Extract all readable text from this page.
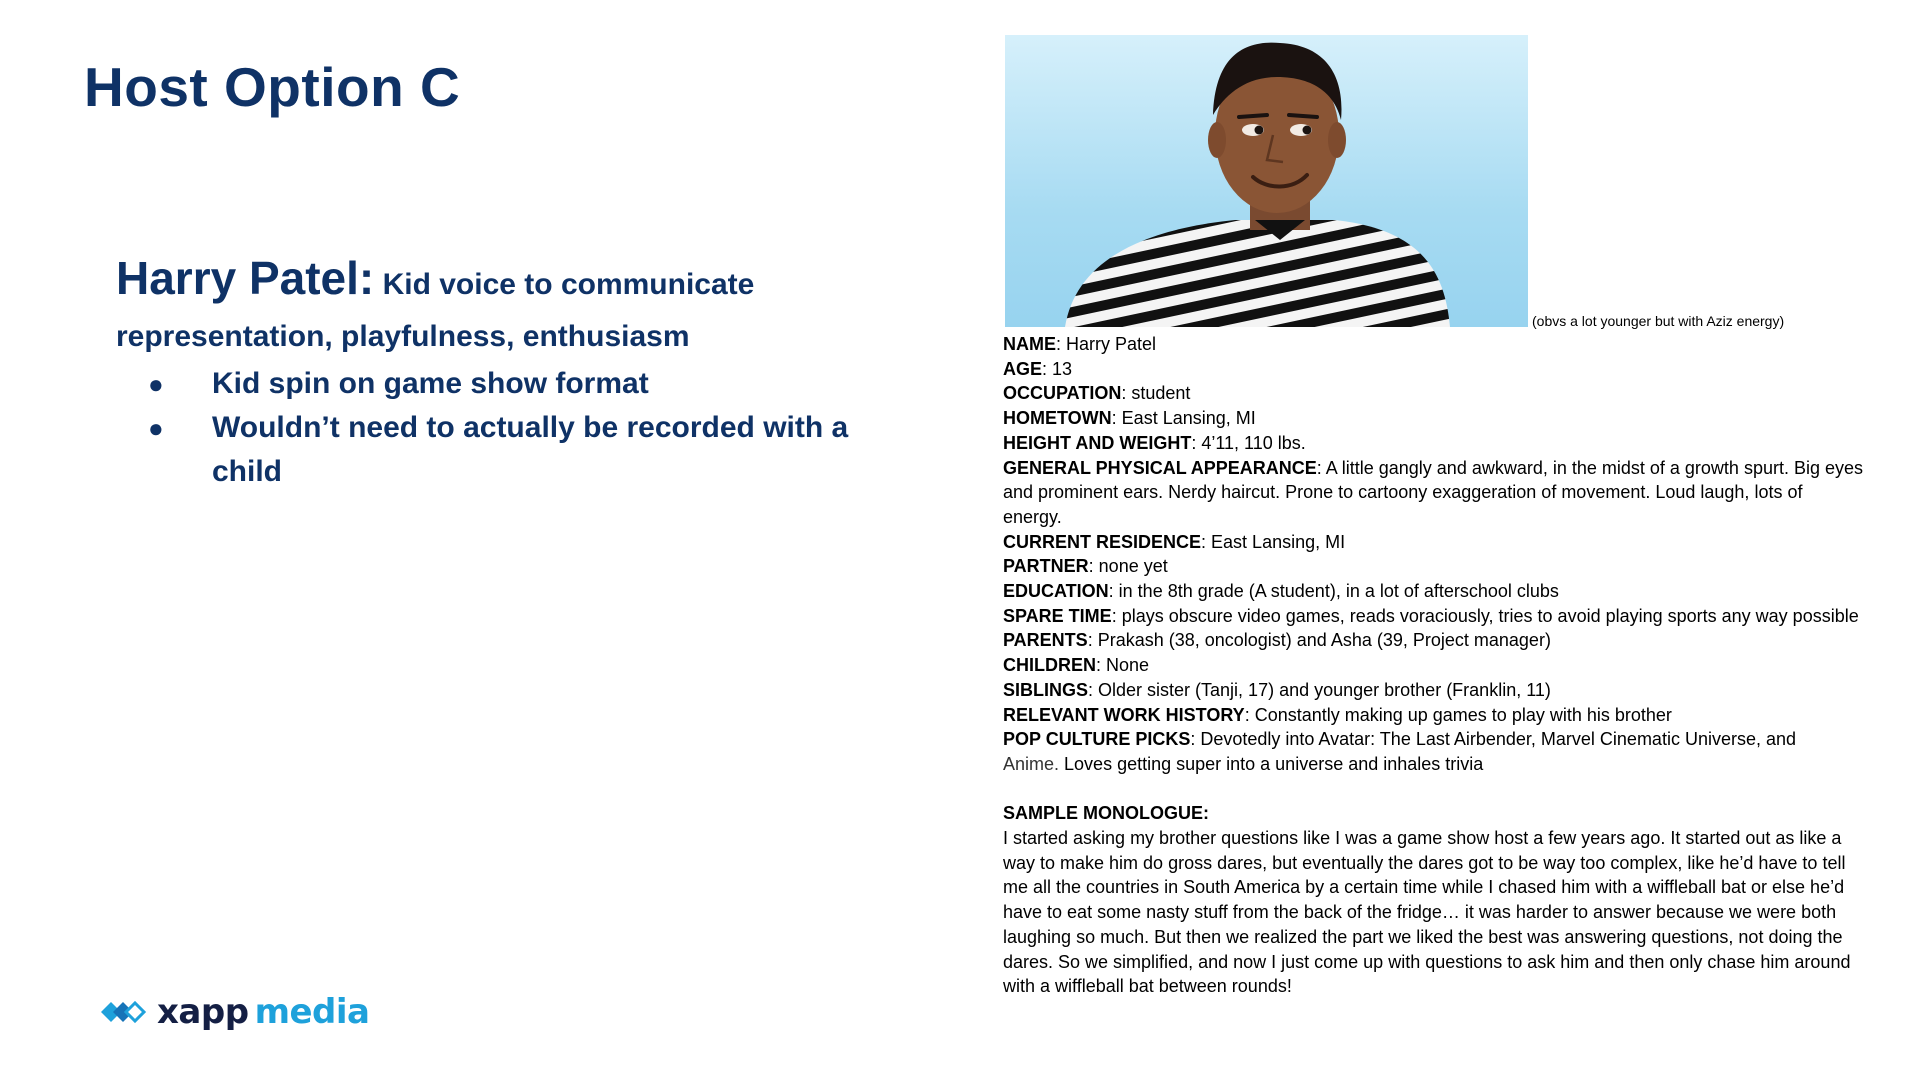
Host Option C
Harry Patel: Kid voice to communicate
representation, playfulness, enthusiasm
● Kid spin on game show format
● Wouldn’t need to actually be recorded with a child
xapp media
(obvs a lot younger but with Aziz energy)

NAME: Harry Patel

AGE: 13

OCCUPATION: student

HOMETOWN: East Lansing, MI

HEIGHT AND WEIGHT: 4’11, 110 lbs.

GENERAL PHYSICAL APPEARANCE: A little gangly and awkward, in the midst of a growth spurt. Big eyes and prominent ears. Nerdy haircut. Prone to cartoony exaggeration of movement. Loud laugh, lots of energy.

CURRENT RESIDENCE: East Lansing, MI

PARTNER: none yet

EDUCATION: in the 8th grade (A student), in a lot of afterschool clubs

SPARE TIME: plays obscure video games, reads voraciously, tries to avoid playing sports any way possible

PARENTS: Prakash (38, oncologist) and Asha (39, Project manager)

CHILDREN: None

SIBLINGS: Older sister (Tanji, 17) and younger brother (Franklin, 11)

RELEVANT WORK HISTORY: Constantly making up games to play with his brother

POP CULTURE PICKS: Devotedly into Avatar: The Last Airbender, Marvel Cinematic Universe, and

Anime. Loves getting super into a universe and inhales trivia

SAMPLE MONOLOGUE:

I started asking my brother questions like I was a game show host a few years ago. It started out as like a way to make him do gross dares, but eventually the dares got to be way too complex, like he’d have to tell me all the countries in South America by a certain time while I chased him with a wiffleball bat or else he’d have to eat some nasty stuff from the back of the fridge… it was harder to answer because we were both laughing so much. But then we realized the part we liked the best was answering questions, not doing the dares. So we simplified, and now I just come up with questions to ask him and then only chase him around with a wiffleball bat between rounds!
